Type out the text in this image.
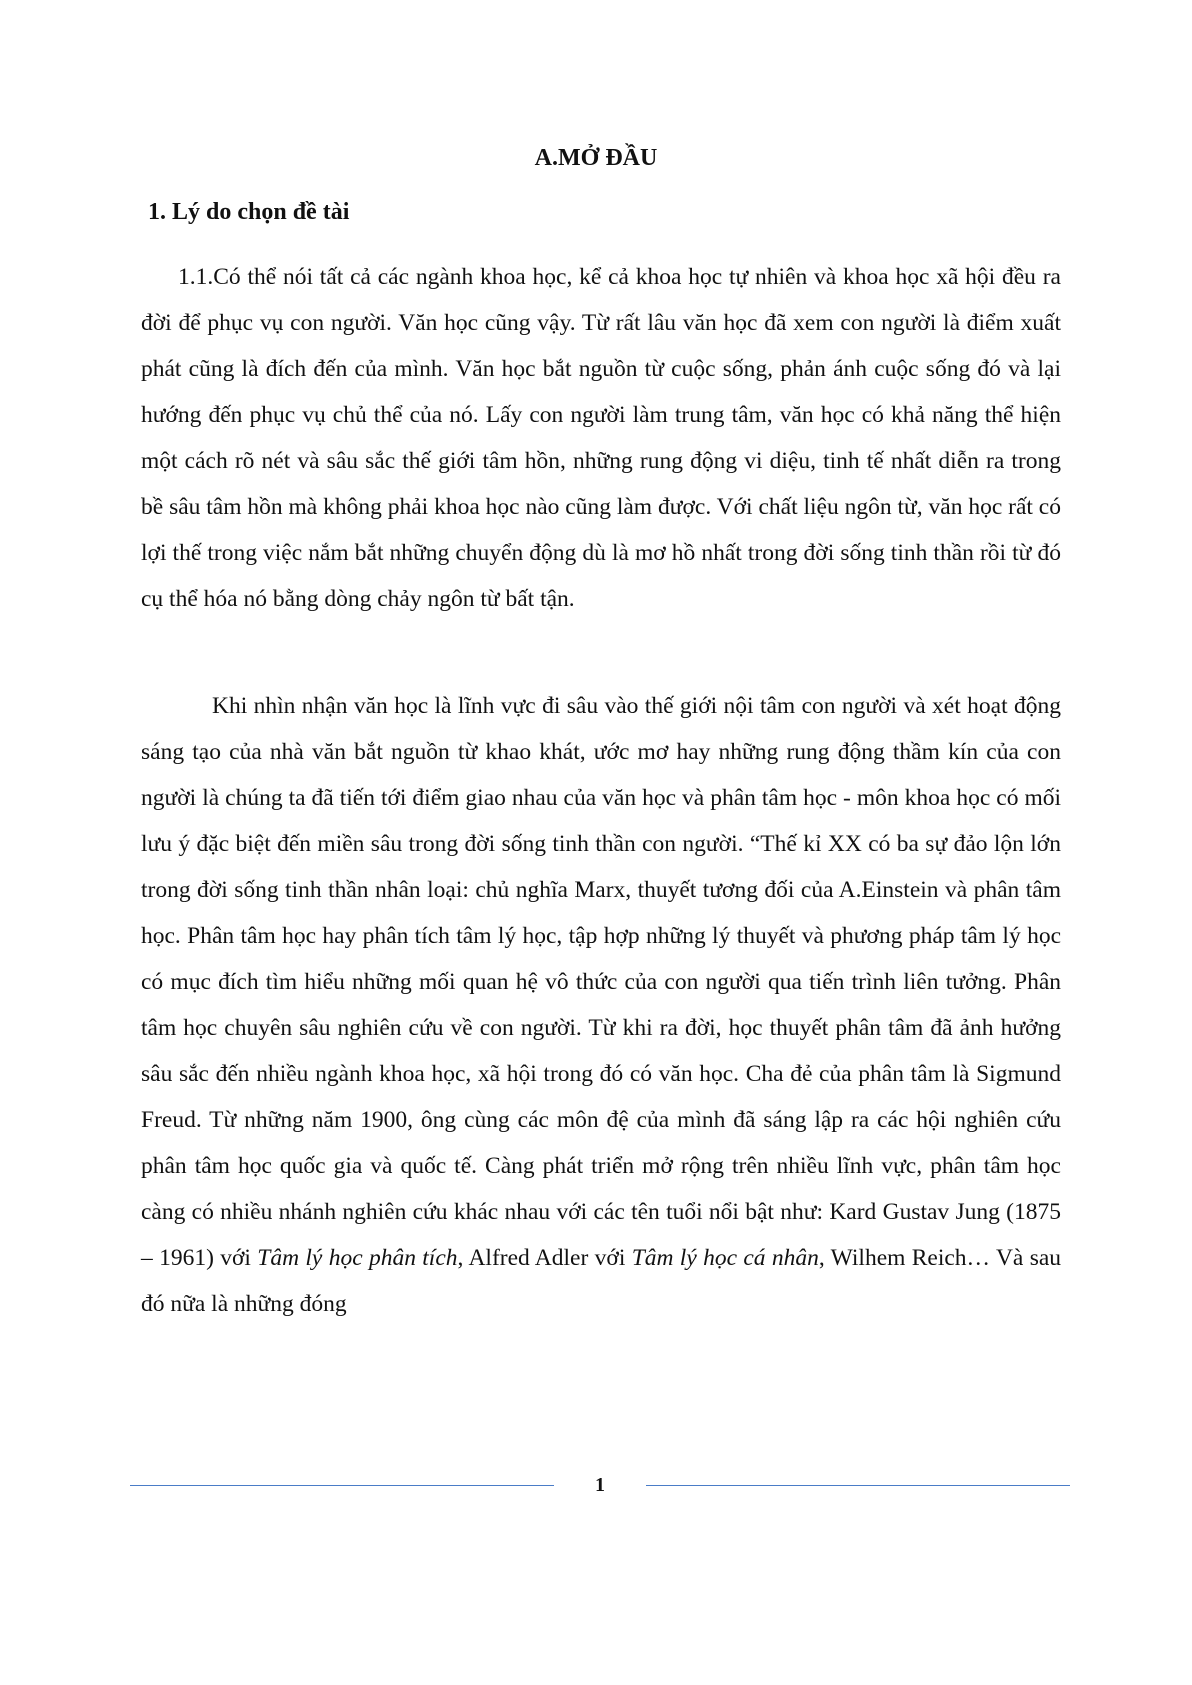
A.MỞ ĐẦU
1. Lý do chọn đề tài

1.1.Có thể nói tất cả các ngành khoa học, kể cả khoa học tự nhiên và khoa học xã hội đều ra đời để phục vụ con người. Văn học cũng vậy. Từ rất lâu văn học đã xem con người là điểm xuất phát cũng là đích đến của mình. Văn học bắt nguồn từ cuộc sống, phản ánh cuộc sống đó và lại hướng đến phục vụ chủ thể của nó. Lấy con người làm trung tâm, văn học có khả năng thể hiện một cách rõ nét và sâu sắc thế giới tâm hồn, những rung động vi diệu, tinh tế nhất diễn ra trong bề sâu tâm hồn mà không phải khoa học nào cũng làm được. Với chất liệu ngôn từ, văn học rất có lợi thế trong việc nắm bắt những chuyển động dù là mơ hồ nhất trong đời sống tinh thần rồi từ đó cụ thể hóa nó bằng dòng chảy ngôn từ bất tận.

Khi nhìn nhận văn học là lĩnh vực đi sâu vào thế giới nội tâm con người và xét hoạt động sáng tạo của nhà văn bắt nguồn từ khao khát, ước mơ hay những rung động thầm kín của con người là chúng ta đã tiến tới điểm giao nhau của văn học và phân tâm học - môn khoa học có mối lưu ý đặc biệt đến miền sâu trong đời sống tinh thần con người. “Thế kỉ XX có ba sự đảo lộn lớn trong đời sống tinh thần nhân loại: chủ nghĩa Marx, thuyết tương đối của A.Einstein và phân tâm học. Phân tâm học hay phân tích tâm lý học, tập hợp những lý thuyết và phương pháp tâm lý học có mục đích tìm hiểu những mối quan hệ vô thức của con người qua tiến trình liên tưởng. Phân tâm học chuyên sâu nghiên cứu về con người. Từ khi ra đời, học thuyết phân tâm đã ảnh hưởng sâu sắc đến nhiều ngành khoa học, xã hội trong đó có văn học. Cha đẻ của phân tâm là Sigmund Freud. Từ những năm 1900, ông cùng các môn đệ của mình đã sáng lập ra các hội nghiên cứu phân tâm học quốc gia và quốc tế. Càng phát triển mở rộng trên nhiều lĩnh vực, phân tâm học càng có nhiều nhánh nghiên cứu khác nhau với các tên tuổi nổi bật như: Kard Gustav Jung (1875 – 1961) với Tâm lý học phân tích, Alfred Adler với Tâm lý học cá nhân, Wilhem Reich… Và sau đó nữa là những đóng

1
